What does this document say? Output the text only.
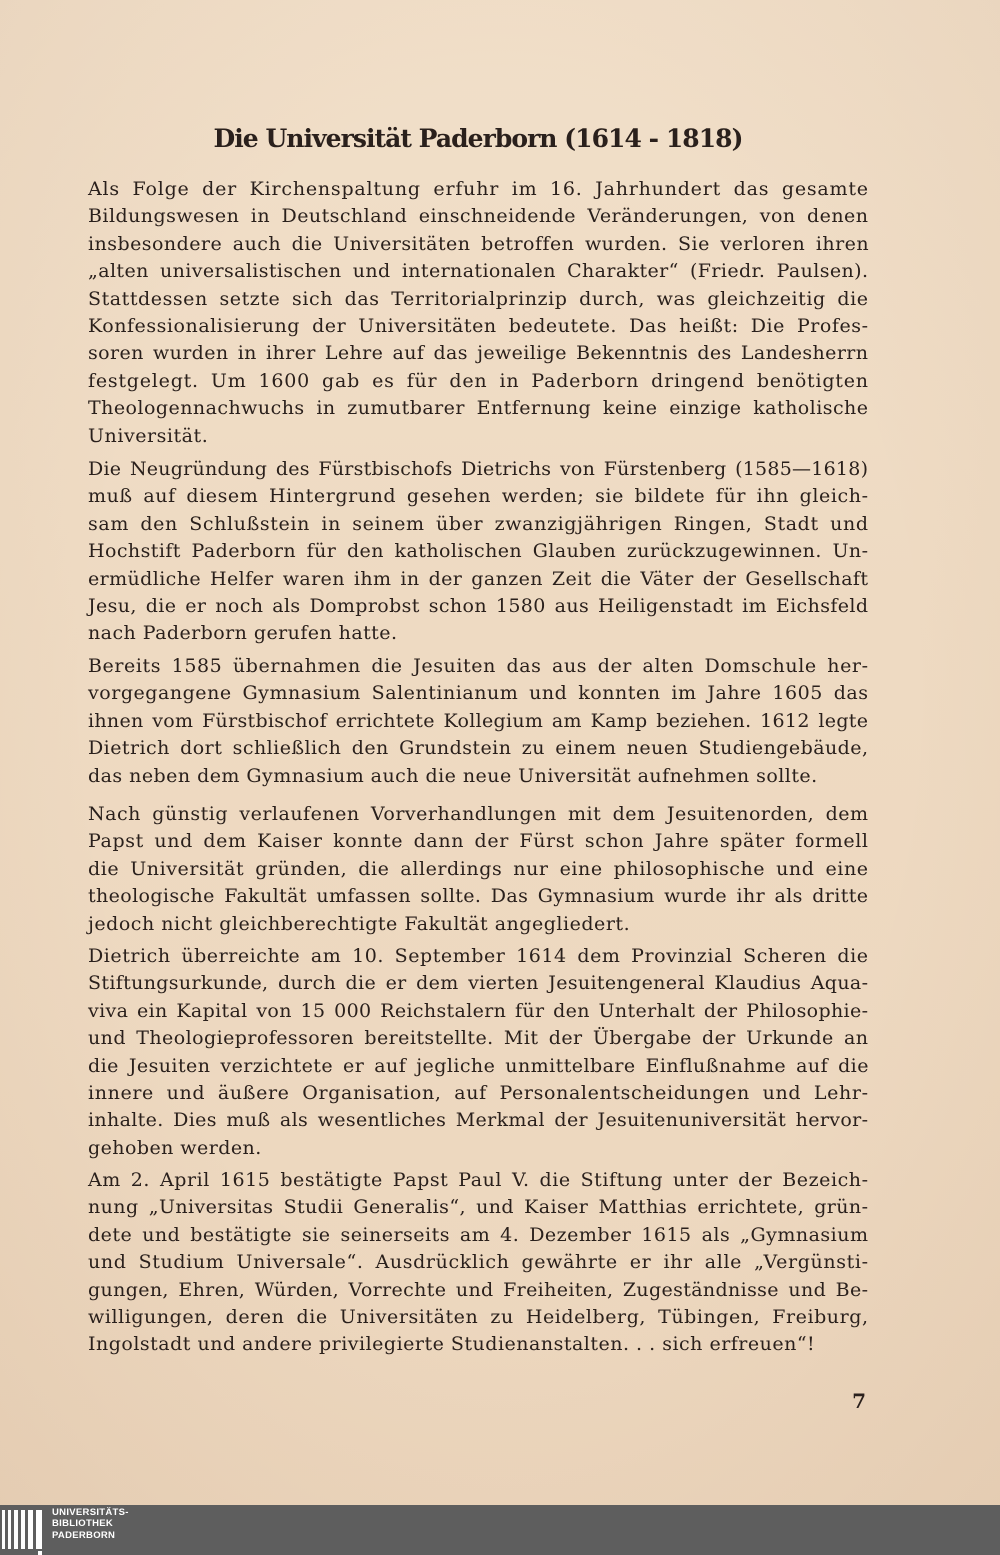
Die Universität Paderborn (1614 - 1818)
Als Folge der Kirchenspaltung erfuhr im 16. Jahrhundert das gesamte
Bildungswesen in Deutschland einschneidende Veränderungen, von denen
insbesondere auch die Universitäten betroffen wurden. Sie verloren ihren
„alten universalistischen und internationalen Charakter“ (Friedr. Paulsen).
Stattdessen setzte sich das Territorialprinzip durch, was gleichzeitig die
Konfessionalisierung der Universitäten bedeutete. Das heißt: Die Profes-
soren wurden in ihrer Lehre auf das jeweilige Bekenntnis des Landesherrn
festgelegt. Um 1600 gab es für den in Paderborn dringend benötigten
Theologennachwuchs in zumutbarer Entfernung keine einzige katholische
Universität.
Die Neugründung des Fürstbischofs Dietrichs von Fürstenberg (1585—1618)
muß auf diesem Hintergrund gesehen werden; sie bildete für ihn gleich-
sam den Schlußstein in seinem über zwanzigjährigen Ringen, Stadt und
Hochstift Paderborn für den katholischen Glauben zurückzugewinnen. Un-
ermüdliche Helfer waren ihm in der ganzen Zeit die Väter der Gesellschaft
Jesu, die er noch als Domprobst schon 1580 aus Heiligenstadt im Eichsfeld
nach Paderborn gerufen hatte.
Bereits 1585 übernahmen die Jesuiten das aus der alten Domschule her-
vorgegangene Gymnasium Salentinianum und konnten im Jahre 1605 das
ihnen vom Fürstbischof errichtete Kollegium am Kamp beziehen. 1612 legte
Dietrich dort schließlich den Grundstein zu einem neuen Studiengebäude,
das neben dem Gymnasium auch die neue Universität aufnehmen sollte.
Nach günstig verlaufenen Vorverhandlungen mit dem Jesuitenorden, dem
Papst und dem Kaiser konnte dann der Fürst schon Jahre später formell
die Universität gründen, die allerdings nur eine philosophische und eine
theologische Fakultät umfassen sollte. Das Gymnasium wurde ihr als dritte
jedoch nicht gleichberechtigte Fakultät angegliedert.
Dietrich überreichte am 10. September 1614 dem Provinzial Scheren die
Stiftungsurkunde, durch die er dem vierten Jesuitengeneral Klaudius Aqua-
viva ein Kapital von 15 000 Reichstalern für den Unterhalt der Philosophie-
und Theologieprofessoren bereitstellte. Mit der Übergabe der Urkunde an
die Jesuiten verzichtete er auf jegliche unmittelbare Einflußnahme auf die
innere und äußere Organisation, auf Personalentscheidungen und Lehr-
inhalte. Dies muß als wesentliches Merkmal der Jesuitenuniversität hervor-
gehoben werden.
Am 2. April 1615 bestätigte Papst Paul V. die Stiftung unter der Bezeich-
nung „Universitas Studii Generalis“, und Kaiser Matthias errichtete, grün-
dete und bestätigte sie seinerseits am 4. Dezember 1615 als „Gymnasium
und Studium Universale“. Ausdrücklich gewährte er ihr alle „Vergünsti-
gungen, Ehren, Würden, Vorrechte und Freiheiten, Zugeständnisse und Be-
willigungen, deren die Universitäten zu Heidelberg, Tübingen, Freiburg,
Ingolstadt und andere privilegierte Studienanstalten. . . sich erfreuen“!
7
UNIVERSITÄTS-
BIBLIOTHEK
PADERBORN
